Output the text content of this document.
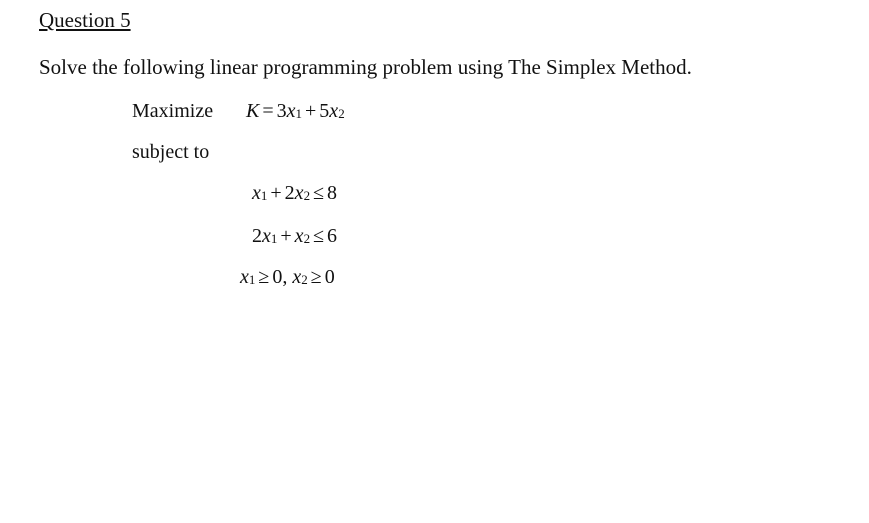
Question 5
Solve the following linear programming problem using The Simplex Method.
Maximize K = 3x1 + 5x2
subject to
x1 + 2x2 ≤ 8
2x1 + x2 ≤ 6
x1 ≥ 0, x2 ≥ 0
